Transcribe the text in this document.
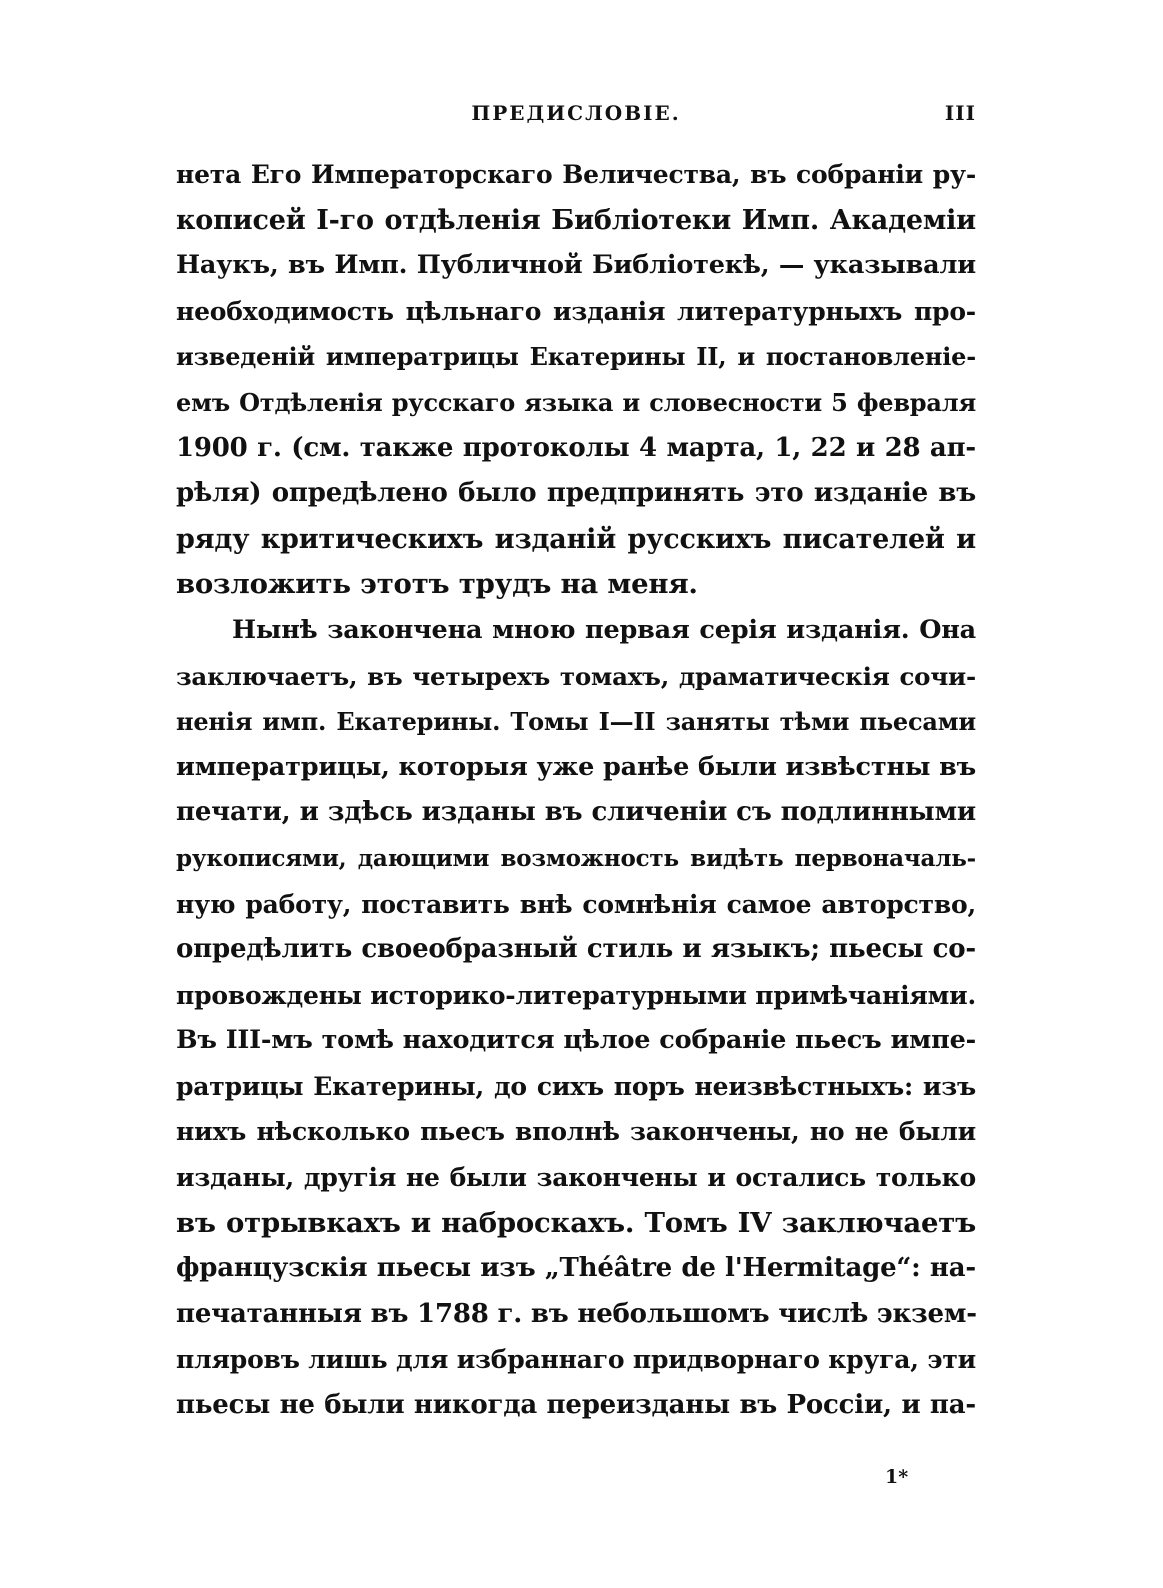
ПРЕДИСЛОВІЕ.	III
нета Его Императорскаго Величества, въ собраніи ру-
кописей I-го отдѣленія Библіотеки Имп. Академіи
Наукъ, въ Имп. Публичной Библіотекѣ, — указывали
необходимость цѣльнаго изданія литературныхъ про-
изведеній императрицы Екатерины II, и постановленіе-
емъ Отдѣленія русскаго языка и словесности 5 февраля
1900 г. (см. также протоколы 4 марта, 1, 22 и 28 ап-
рѣля) опредѣлено было предпринять это изданіе въ
ряду критическихъ изданій русскихъ писателей и
возложить этотъ трудъ на меня.
Нынѣ закончена мною первая серія изданія. Она
заключаетъ, въ четырехъ томахъ, драматическія сочи-
ненія имп. Екатерины. Томы I—II заняты тѣми пьесами
императрицы, которыя уже ранѣе были извѣстны въ
печати, и здѣсь изданы въ сличеніи съ подлинными
рукописями, дающими возможность видѣть первоначаль-
ную работу, поставить внѣ сомнѣнія самое авторство,
опредѣлить своеобразный стиль и языкъ; пьесы со-
провождены историко-литературными примѣчаніями.
Въ III-мъ томѣ находится цѣлое собраніе пьесъ импе-
ратрицы Екатерины, до сихъ поръ неизвѣстныхъ: изъ
нихъ нѣсколько пьесъ вполнѣ закончены, но не были
изданы, другія не были закончены и остались только
въ отрывкахъ и наброскахъ. Томъ IV заключаетъ
французскія пьесы изъ „Théâtre de l'Hermitage“: на-
печатанныя въ 1788 г. въ небольшомъ числѣ экзем-
пляровъ лишь для избраннаго придворнаго круга, эти
пьесы не были никогда переизданы въ Россіи, и па-
1*
